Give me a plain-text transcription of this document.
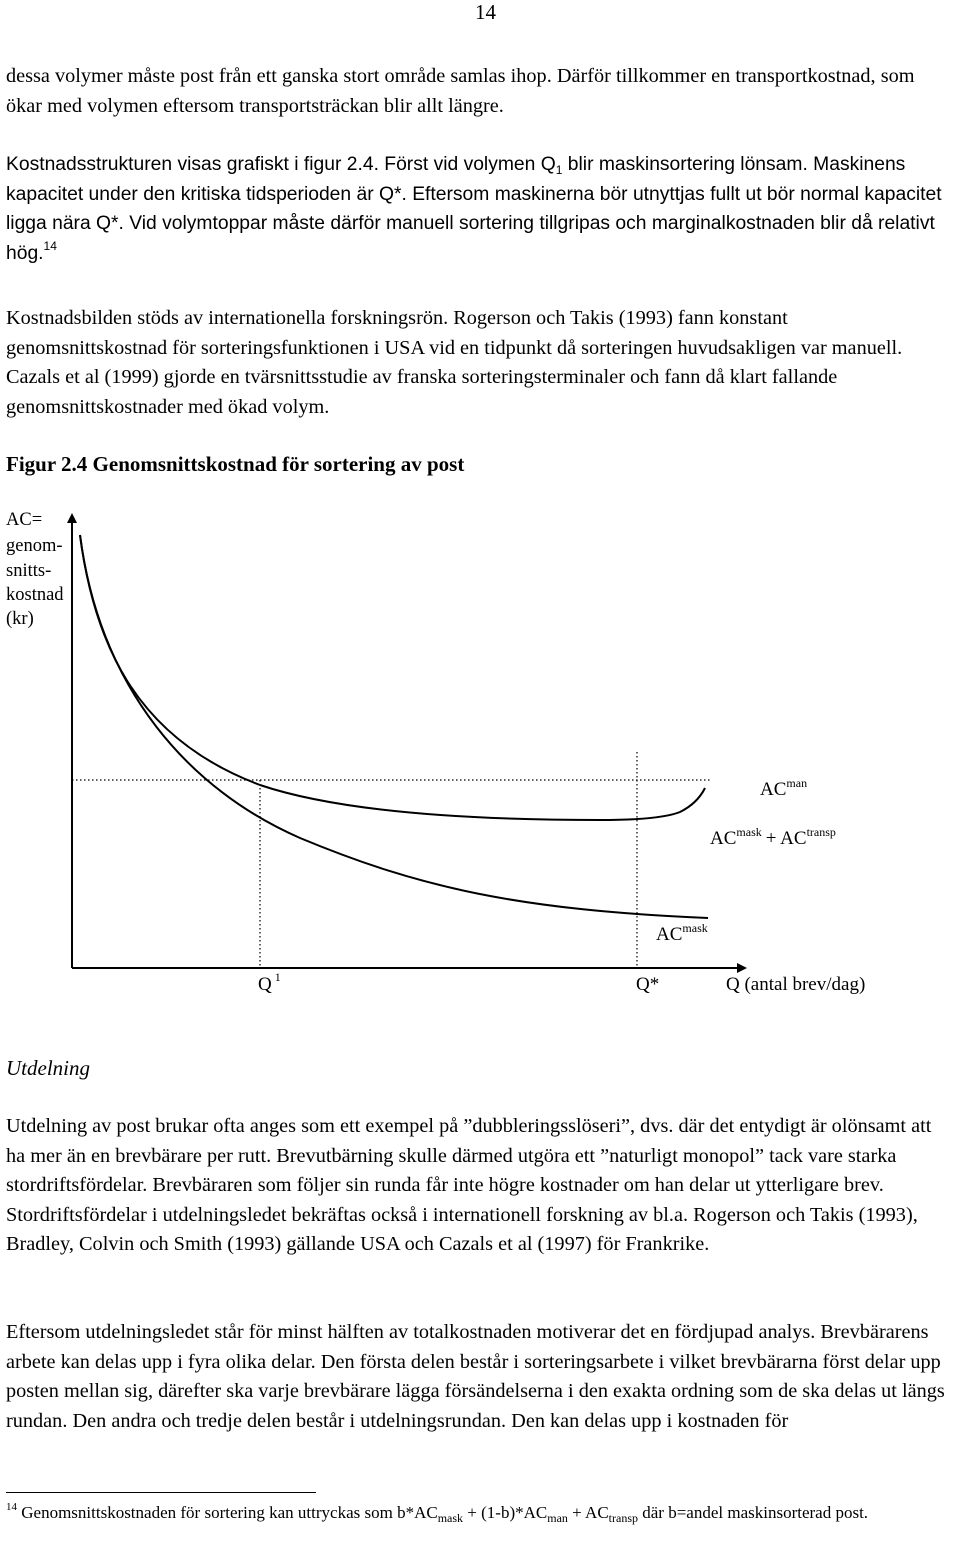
14

dessa volymer måste post från ett ganska stort område samlas ihop. Därför tillkommer en transportkostnad, som ökar med volymen eftersom transportsträckan blir allt längre.

Kostnadsstrukturen visas grafiskt i figur 2.4. Först vid volymen $Q_1$ blir maskinsortering lönsam. Maskinens kapacitet under den kritiska tidsperioden är Q*. Eftersom maskinerna bör utnyttjas fullt ut bör normal kapacitet ligga nära Q*. Vid volymtoppar måste därför manuell sortering tillgripas och marginalkostnaden blir då relativt hög.$^{14}$

Kostnadsbilden stöds av internationella forskningsrön. Rogerson och Takis (1993) fann konstant genomsnittskostnad för sorteringsfunktionen i USA vid en tidpunkt då sorteringen huvudsakligen var manuell. Cazals et al (1999) gjorde en tvärsnittsstudie av franska sorteringsterminaler och fann då klart fallande genomsnittskostnader med ökad volym.

Figur 2.4 Genomsnittskostnad för sortering av post
AC=
genom-
snitts-
kostnad
(kr)
$AC^{man}$
$AC^{mask} + AC^{transp}$
$AC^{mask}$
Q $^1$	Q*	Q (antal brev/dag)
Utdelning

Utdelning av post brukar ofta anges som ett exempel på ”dubbleringsslöseri”, dvs. där det entydigt är olönsamt att ha mer än en brevbärare per rutt. Brevutbärning skulle därmed utgöra ett ”naturligt monopol” tack vare starka stordriftsfördelar. Brevbäraren som följer sin runda får inte högre kostnader om han delar ut ytterligare brev. Stordriftsfördelar i utdelningsledet bekräftas också i internationell forskning av bl.a. Rogerson och Takis (1993), Bradley, Colvin och Smith (1993) gällande USA och Cazals et al (1997) för Frankrike.

Eftersom utdelningsledet står för minst hälften av totalkostnaden motiverar det en fördjupad analys. Brevbärarens arbete kan delas upp i fyra olika delar. Den första delen består i sorteringsarbete i vilket brevbärarna först delar upp posten mellan sig, därefter ska varje brevbärare lägga försändelserna i den exakta ordning som de ska delas ut längs rundan. Den andra och tredje delen består i utdelningsrundan. Den kan delas upp i kostnaden för

$^{14}$ Genomsnittskostnaden för sortering kan uttryckas som $b*AC_{mask} + (1-b)*AC_{man} + AC_{transp}$ där b=andel maskinsorterad post.
